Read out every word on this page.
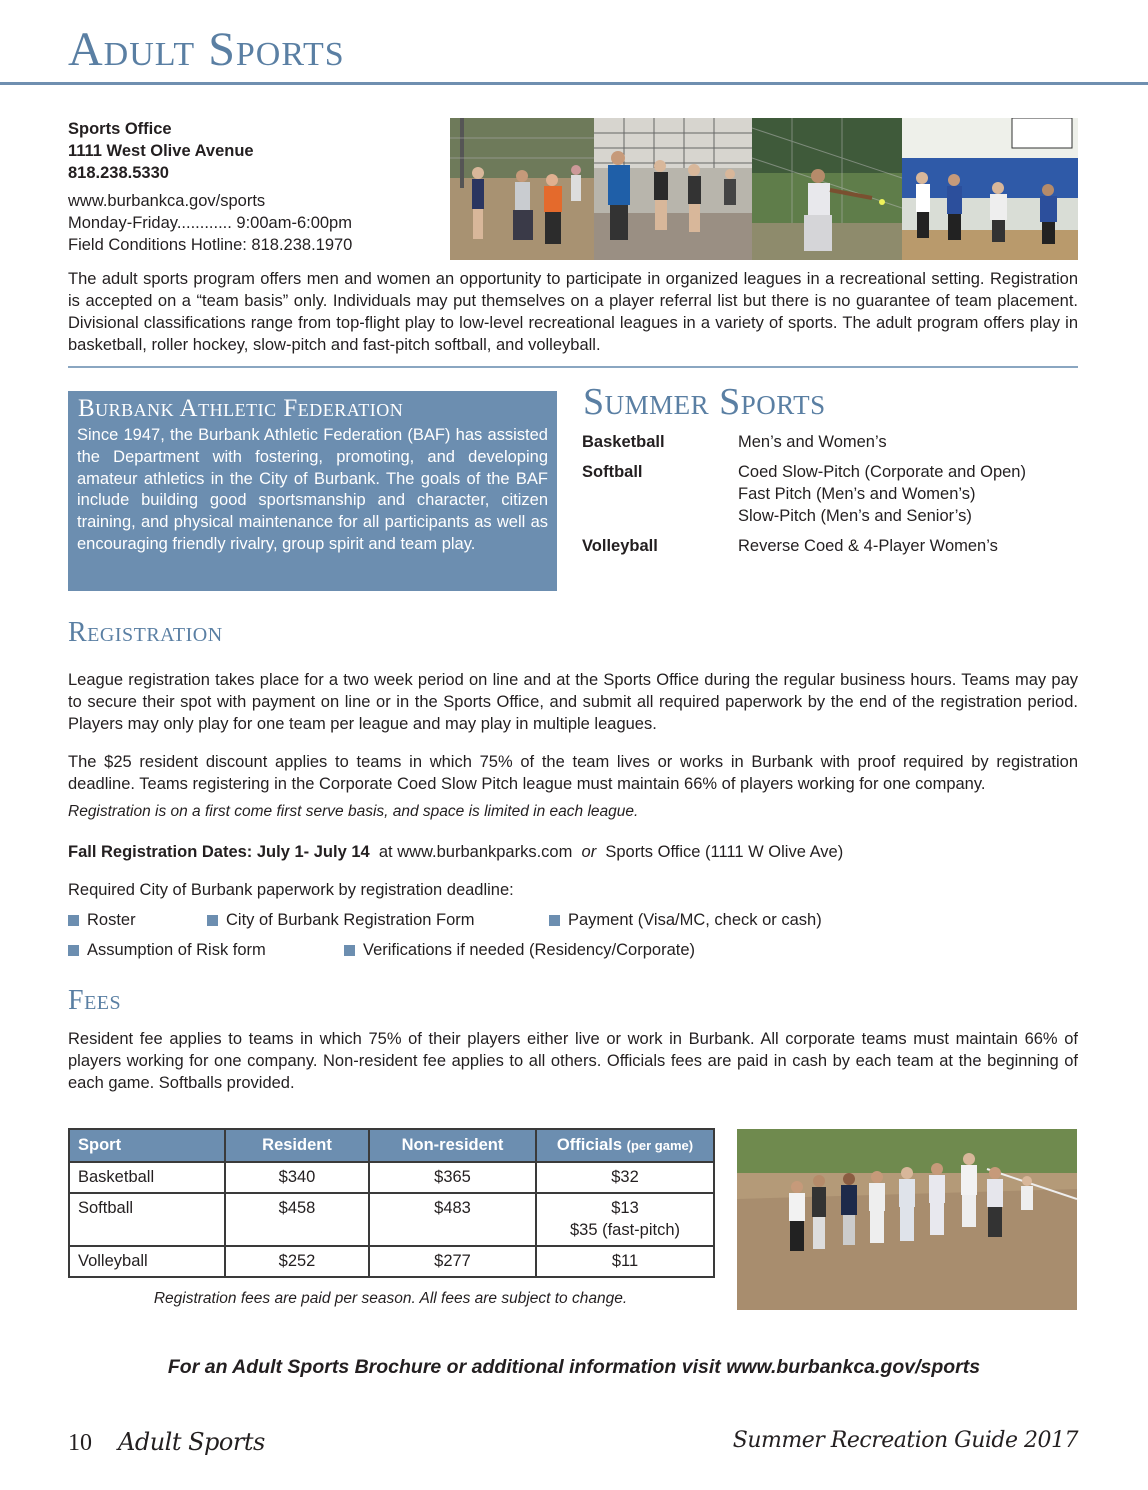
Adult Sports
Sports Office
1111 West Olive Avenue
818.238.5330
www.burbankca.gov/sports
Monday-Friday............ 9:00am-6:00pm
Field Conditions Hotline: 818.238.1970

The adult sports program offers men and women an opportunity to participate in organized leagues in a recreational setting. Registration is accepted on a “team basis” only. Individuals may put themselves on a player referral list but there is no guarantee of team placement. Divisional classifications range from top-flight play to low-level recreational leagues in a variety of sports. The adult program offers play in basketball, roller hockey, slow-pitch and fast-pitch softball, and volleyball.

Burbank Athletic Federation

Since 1947, the Burbank Athletic Federation (BAF) has assisted the Department with fostering, promoting, and developing amateur athletics in the City of Burbank. The goals of the BAF include building good sportsmanship and character, citizen training, and physical maintenance for all participants as well as encouraging friendly rivalry, group spirit and team play.

Summer Sports
Basketball	Men’s and Women’s
Softball	Coed Slow-Pitch (Corporate and Open)
Fast Pitch (Men’s and Women’s)
Slow-Pitch (Men’s and Senior’s)
Volleyball	Reverse Coed & 4-Player Women’s
Registration

League registration takes place for a two week period on line and at the Sports Office during the regular business hours. Teams may pay to secure their spot with payment on line or in the Sports Office, and submit all required paperwork by the end of the registration period. Players may only play for one team per league and may play in multiple leagues.

The $25 resident discount applies to teams in which 75% of the team lives or works in Burbank with proof required by registration deadline. Teams registering in the Corporate Coed Slow Pitch league must maintain 66% of players working for one company.

Registration is on a first come first serve basis, and space is limited in each league.
Fall Registration Dates: July 1- July 14 at www.burbankparks.com or Sports Office (1111 W Olive Ave)
Required City of Burbank paperwork by registration deadline:
Roster	City of Burbank Registration Form	Payment (Visa/MC, check or cash)
Assumption of Risk form	Verifications if needed (Residency/Corporate)
Fees

Resident fee applies to teams in which 75% of their players either live or work in Burbank. All corporate teams must maintain 66% of players working for one company. Non-resident fee applies to all others. Officials fees are paid in cash by each team at the beginning of each game. Softballs provided.

Sport	Resident	Non-resident	Officials (per game)
Basketball	$340	$365	$32
Softball	$458	$483	$13
$35 (fast-pitch)

Volleyball	$252	$277	$11
Registration fees are paid per season. All fees are subject to change.
For an Adult Sports Brochure or additional information visit www.burbankca.gov/sports
10 Adult Sports	Summer Recreation Guide 2017
